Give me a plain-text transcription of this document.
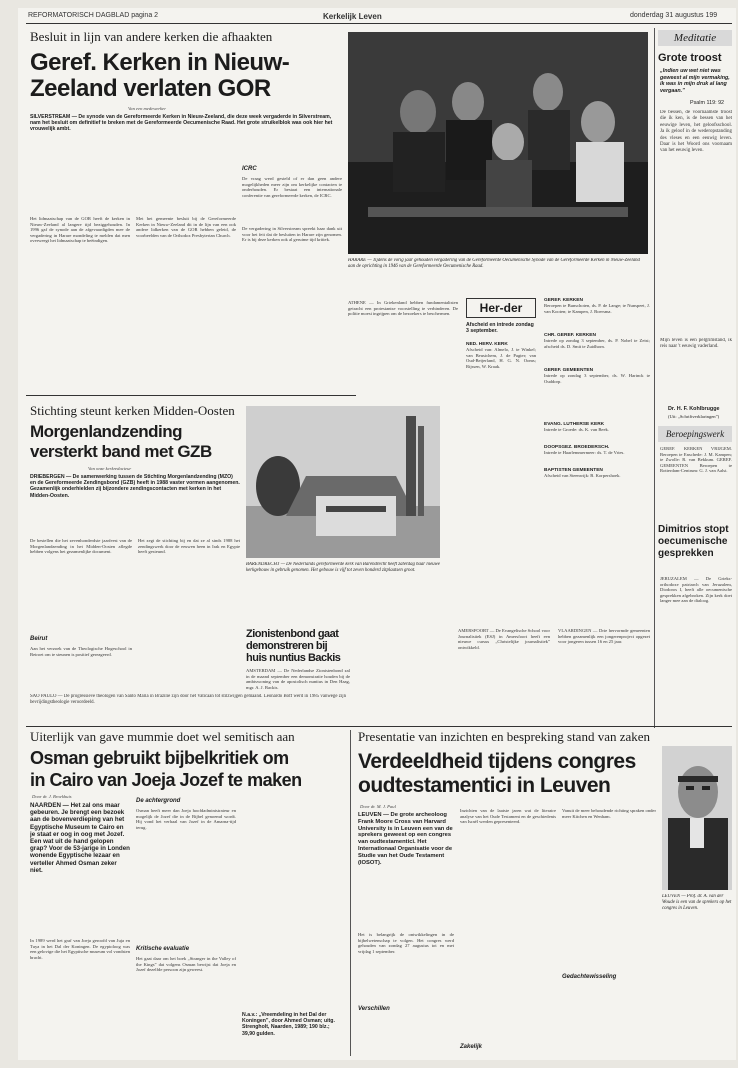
REFORMATORISCH DAGBLAD pagina 2	Kerkelijk Leven	donderdag 31 augustus 199
Besluit in lijn van andere kerken die afhaakten
Geref. Kerken in Nieuw-
Zeeland verlaten GOR
Van een medewerker
SILVERSTREAM — De synode van de Gereformeerde Kerken in Nieuw-Zeeland, die deze week vergaderde in Silverstream, nam het besluit om definitief te breken met de Gereformeerde Oecumenische Raad. Het grote struikelblok was ook hier het vrouwelijk ambt.
Het lidmaatschap van de GOR heeft de kerken in Nieuw-Zeeland al langere tijd beziggehouden. In 1996 gaf de synode aan de afgevaardigden mee de vergadering in Harare mondeling te melden dat men overweegt het lidmaatschap te beëindigen.
Met het gemeente besluit bij de Gereformeerde Kerken in Nieuw-Zeeland dit in de lijn van een ook andere lidkerken van de GOR hebben geleid, de voorbeelden van de Orthodox Presbyterian Church.
De vergadering in Silverstream spreekt haar dank uit voor het feit dat de besluiten in Harare zijn genomen. Er is bij deze kerken ook al geruime tijd kritiek.
ICRC
De vraag werd gesteld of er dan geen andere mogelijkheden meer zijn om kerkelijke contacten te onderhouden. Er bestaat een internationale conferentie van gereformeerde kerken, de ICRC.
HARARE — Tijdens de vorig jaar gehouden vergadering van de Gereformeerde Oecumenische Synode van de Gereformeerde Kerken in Nieuw-Zeeland aan de oprichting in 1946 van de Gereformeerde Oecumenische Raad.
ATHENE — In Griekenland hebben fundamentalisten getracht een protestantse voorstelling te verhinderen. De politie moest ingrijpen om de bezoekers te beschermen.	Her-der
Afscheid en intrede zondag 3 september.
NED. HERV. KERK
Afscheid van: Almelo, J. te Winkel; van Beusichem, J. de Pagter; van Oud-Beijerland, H. G. N. Ooms; Rijssen, W. Kraak.
GEREF. KERKEN
Beroepen te Bunschoten, ds. P. de Lange; te Nunspeet, J. van Kooten; te Kampen, J. Boersma.
CHR. GEREF. KERKEN
Intrede op zondag 3 september, ds. P. Nobel te Zeist; afscheid ds. D. Smit te Zuidhorn.
GEREF. GEMEENTEN
Intrede op zondag 3 september, ds. W. Harinck te Ouddorp.
EVANG. LUTHERSE KERK
Intrede te Groede: ds. K. van Beek.
DOOPSGEZ. BROEDERSCH.
Intrede te Haarlemmermeer: ds. T. de Vries.
BAPTISTEN GEMEENTEN
Afscheid van Steenwijk: B. Korpershoek.
Meditatie
Grote troost
„Indien uw wet niet was geweest al mijn vermaking, ik was in mijn druk al lang vergaan.”
Psalm 119: 92
De bessen, de voornaamste troost die ik ken, is de bessen van het eeuwige leven, het geloofsschool. Ja ik geloof in de wederopstanding des vleses en een eeuwig leven. Daar is het Woord ons voornaam van het eeuwig leven.
Mijn leven is een pelgrimstand, ik reis naar 't eeuwig vaderland.
Dr. H. F. Kohlbrugge
(Uit: „Schriftverklaringen”)
Beroepingswerk
GEREF. KERKEN VRIJGEM. Beroepen te Enschede: J. M. Kampen; te Zwolle: R. van Bekkum. GEREF. GEMEENTEN Beroepen te Rotterdam-Centrum: G. J. van Aalst.
Dimitrios stopt oecumenische gesprekken
JERUZALEM — De Grieks-orthodoxe patriarch van Jeruzalem, Diodoros I, heeft alle oecumenische gesprekken afgebroken. Zijn kerk doet langer mee aan de dialoog.
Stichting steunt kerken Midden-Oosten
Morgenlandzending
versterkt band met GZB
Van onze kerkredacteur
DRIEBERGEN — De samenwerking tussen de Stichting Morgenlandzending (MZO) en de Gereformeerde Zendingsbond (GZB) heeft in 1988 vaster vormen aangenomen. Gezamenlijk onderhielden zij bijzondere zendingscontacten met kerken in het Midden-Oosten.
De bestellen die het zevenhonderdste jaarfeest van de Morgenlandzending in het Midden-Oosten aflegde hebben volgens het gezamenlijke document.
Het zegt de stichting bij en dat ze al sinds 1988 het zendingswerk door de eeuwen heen in Irak en Egypte heeft gesteund.
Beirut
Aan het verzoek van de Theologische Hogeschool in Beiroet om te steunen is positief gereageerd.
SAO PAULO — De progressieve theologen van Santo Maria in Brazilië zijn door het Vaticaan tot stilzwijgen gemaand. Leonardo Boff werd in 1985 vanwege zijn bevrijdingstheologie veroordeeld.
BARENDRECHT — De Nederlands gereformeerde kerk van Barendrecht heeft zaterdag haar nieuwe kerkgebouw in gebruik genomen. Het gebouw is vijf tot zeven honderd zitplaatsen groot.
Zionistenbond gaat demonstreren bij huis nuntius Backis
AMSTERDAM — De Nederlandse Zionistenbond zal in de maand september een demonstratie houden bij de ambtswoning van de apostolisch nuntius in Den Haag, mgr. A. J. Backis.
AMERSFOORT — De Evangelische School voor Journalistiek (ESJ) in Amersfoort heeft een nieuwe cursus „Christelijke journalistiek” ontwikkeld.
VLAARDINGEN — Drie hervormde gemeenten hebben gezamenlijk een jongerenproject opgezet voor jongeren tussen 16 en 25 jaar.
Uiterlijk van gave mummie doet wel semitisch aan
Osman gebruikt bijbelkritiek om
in Cairo van Joeja Jozef te maken
Door dr. J. Broekhuis
NAARDEN — Het zal ons maar gebeuren. Je brengt een bezoek aan de bovenverdieping van het Egyptische Museum te Cairo en je staat er oog in oog met Jozef. Een wat uit de hand gelopen grap? Voor de 53-jarige in Londen wonende Egyptische lezaar en verteller Ahmed Osman zeker niet.
In 1989 werd het graf van Joeja geroofd van Juja en Tuya in het Dal der Koningen. De egyptoloog was een gelovige die het Egyptische museum vol vondsten bracht.
De achtergrond
Osman heeft meer dan Joeja hoofdadministrateur en mogelijk de Jozef die in de Bijbel genoemd wordt. Hij vond het verhaal van Jozef in de Amarna-tijd terug.
Kritische evaluatie
Het gaat daar om het boek „Stranger in the Valley of the Kings” dat volgens Osman bewijst dat Joeja en Jozef dezelfde persoon zijn geweest.
N.a.v.: „Vreemdeling in het Dal der Koningen”, door Ahmed Osman; uitg. Strengholt, Naarden, 1989; 190 blz.; 39,90 gulden.
Presentatie van inzichten en bespreking stand van zaken
Verdeeldheid tijdens congres
oudtestamentici in Leuven
Door dr. M. J. Paul
LEUVEN — De grote archeoloog Frank Moore Cross van Harvard University is in Leuven een van de sprekers geweest op een congres van oudtestamentici. Het Internationaal Organisatie voor de Studie van het Oude Testament (IOSOT).
Het is belangrijk de ontwikkelingen in de bijbelwetenschap te volgen. Het congres werd gehouden van zondag 27 augustus tot en met vrijdag 1 september.
Verschillen
Inzichten van de laatste jaren wat de literaire analyse van het Oude Testament en de geschiedenis van Israël werden gepresenteerd.
Zakelijk
Gedachtewisseling
Vanuit de meer behoudende richting spraken onder meer Kitchen en Wenham.
LEUVEN — Prof. dr. A. van der Woude is een van de sprekers op het congres in Leuven.
